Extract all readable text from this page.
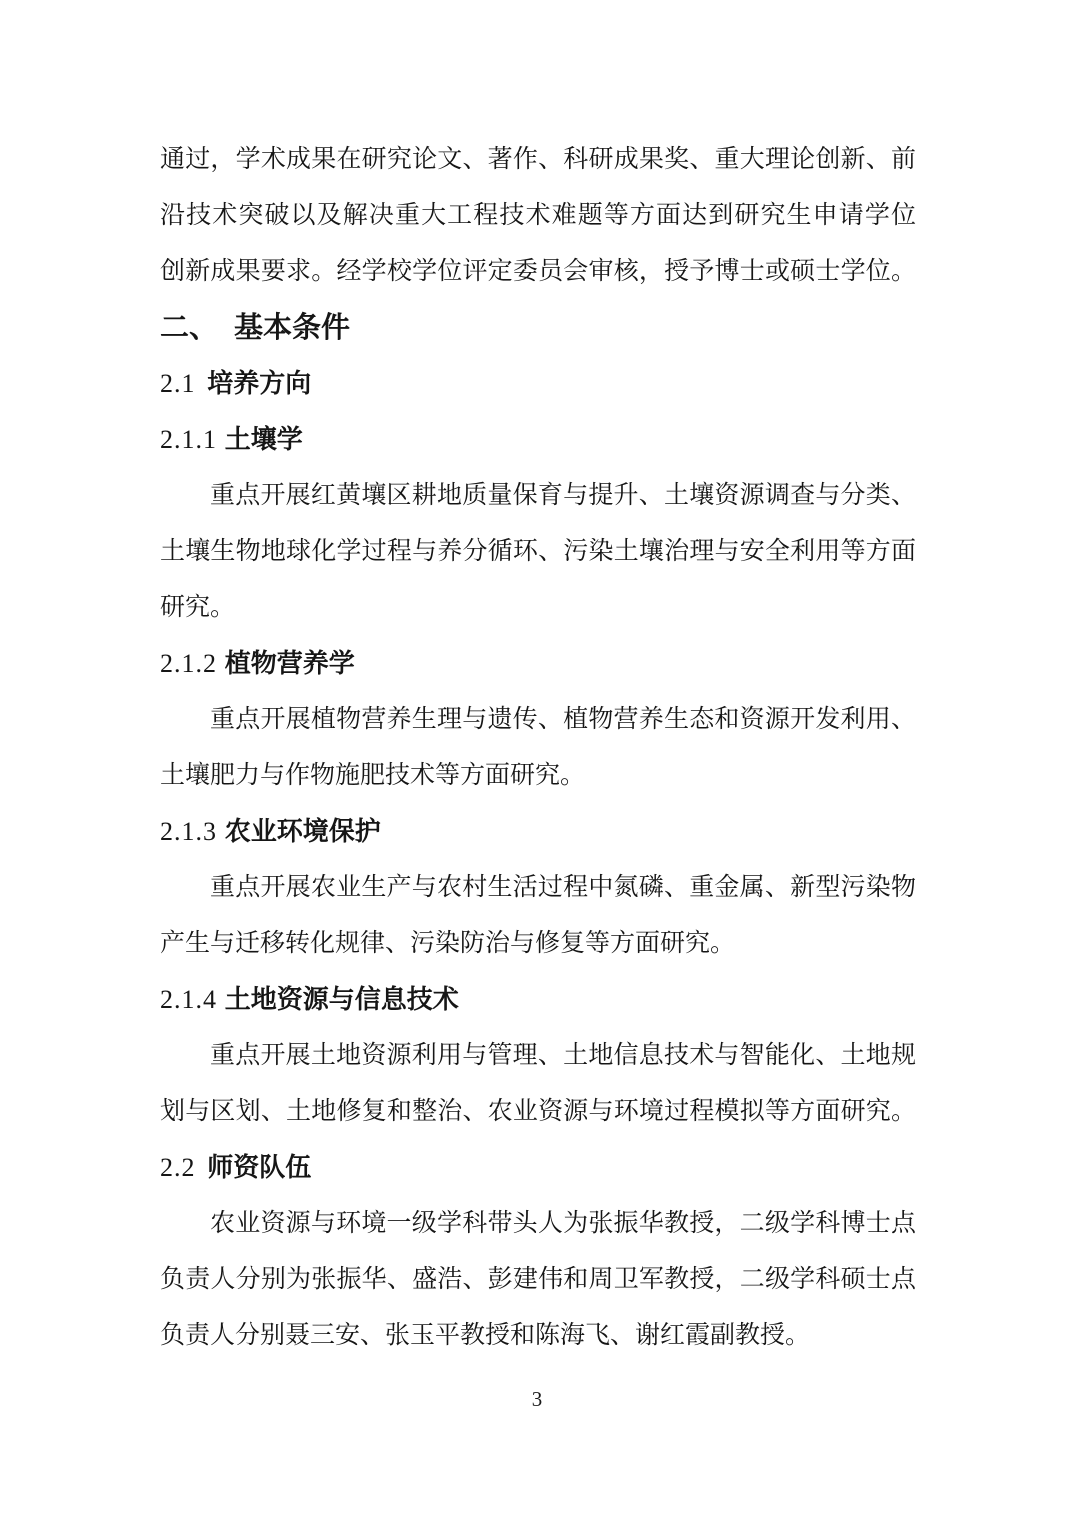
通过，学术成果在研究论文、著作、科研成果奖、重大理论创新、前
沿技术突破以及解决重大工程技术难题等方面达到研究生申请学位
创新成果要求。经学校学位评定委员会审核，授予博士或硕士学位。
二、 基本条件
2.1 培养方向
2.1.1 土壤学
重点开展红黄壤区耕地质量保育与提升、土壤资源调查与分类、
土壤生物地球化学过程与养分循环、污染土壤治理与安全利用等方面
研究。
2.1.2 植物营养学
重点开展植物营养生理与遗传、植物营养生态和资源开发利用、
土壤肥力与作物施肥技术等方面研究。
2.1.3 农业环境保护
重点开展农业生产与农村生活过程中氮磷、重金属、新型污染物
产生与迁移转化规律、污染防治与修复等方面研究。
2.1.4 土地资源与信息技术
重点开展土地资源利用与管理、土地信息技术与智能化、土地规
划与区划、土地修复和整治、农业资源与环境过程模拟等方面研究。
2.2 师资队伍
农业资源与环境一级学科带头人为张振华教授，二级学科博士点
负责人分别为张振华、盛浩、彭建伟和周卫军教授，二级学科硕士点
负责人分别聂三安、张玉平教授和陈海飞、谢红霞副教授。
3
